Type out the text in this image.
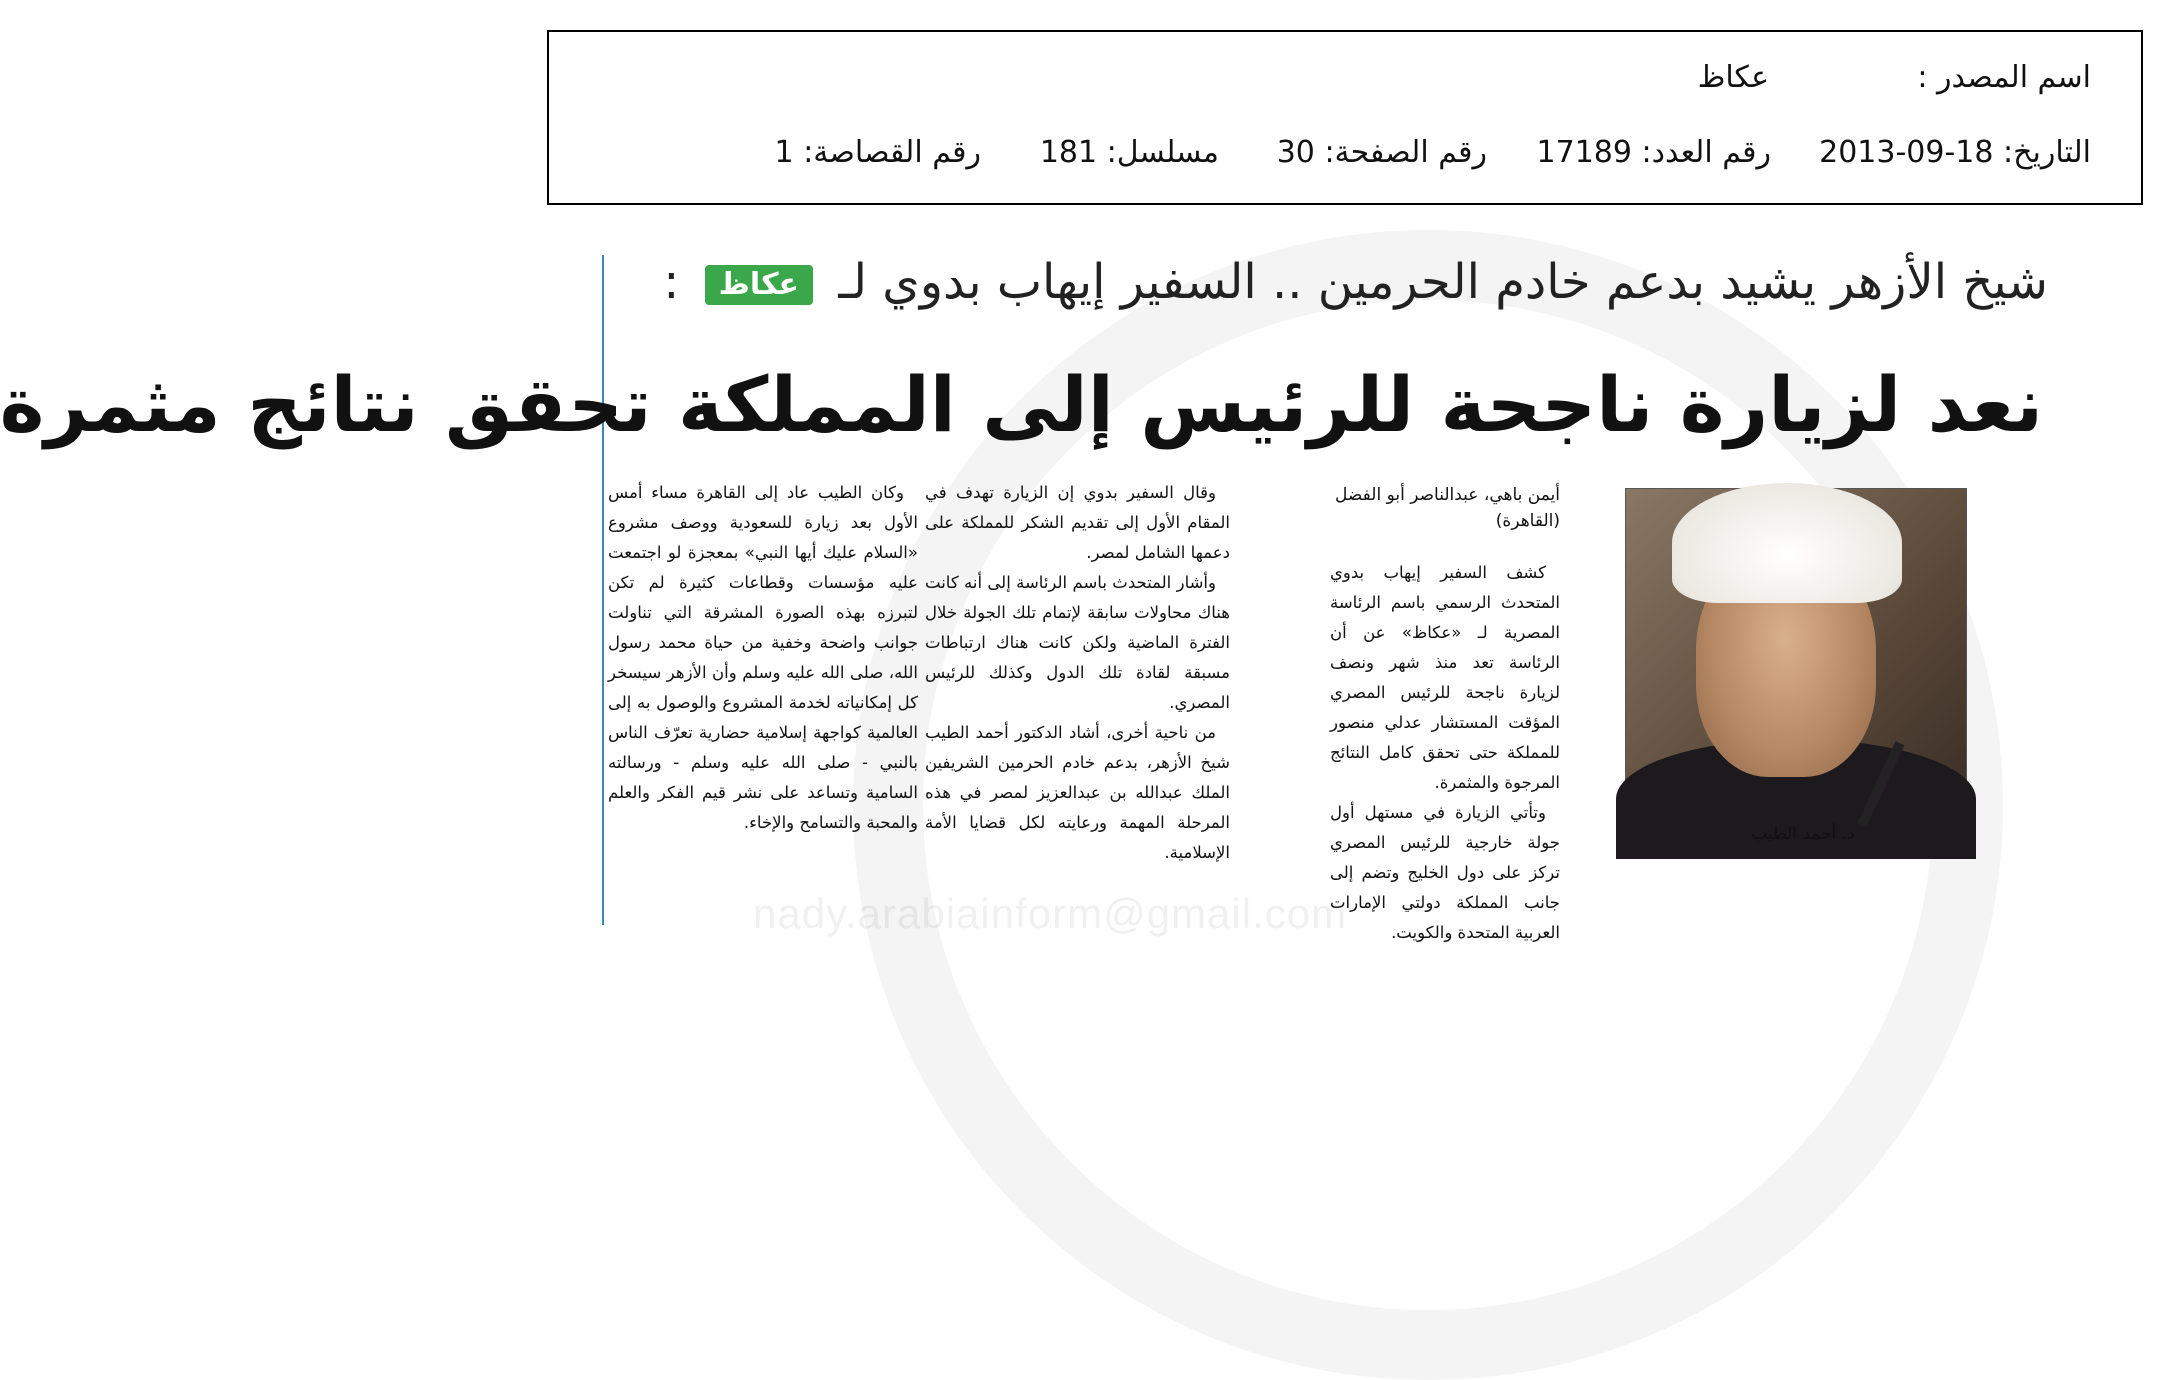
اسم المصدر :
عكاظ
التاريخ: 2013-09-18
رقم العدد: 17189
رقم الصفحة: 30
مسلسل: 181
رقم القصاصة: 1
nady.arabiainform@gmail.com
شيخ الأزهر يشيد بدعم خادم الحرمين .. السفير إيهاب بدوي لـ عكاظ :
نعد لزيارة ناجحة للرئيس إلى المملكة تحقق نتائج مثمرة
د. أحمد الطيب
أيمن باهي، عبدالناصر أبو الفضل
(القاهرة)

كشف السفير إيهاب بدوي المتحدث الرسمي باسم الرئاسة المصرية لـ «عكاظ» عن أن الرئاسة تعد منذ شهر ونصف لزيارة ناجحة للرئيس المصري المؤقت المستشار عدلي منصور للمملكة حتى تحقق كامل النتائج المرجوة والمثمرة.

وتأتي الزيارة في مستهل أول جولة خارجية للرئيس المصري تركز على دول الخليج وتضم إلى جانب المملكة دولتي الإمارات العربية المتحدة والكويت.

وقال السفير بدوي إن الزيارة تهدف في المقام الأول إلى تقديم الشكر للمملكة على دعمها الشامل لمصر.

وأشار المتحدث باسم الرئاسة إلى أنه كانت هناك محاولات سابقة لإتمام تلك الجولة خلال الفترة الماضية ولكن كانت هناك ارتباطات مسبقة لقادة تلك الدول وكذلك للرئيس المصري.

من ناحية أخرى، أشاد الدكتور أحمد الطيب شيخ الأزهر، بدعم خادم الحرمين الشريفين الملك عبدالله بن عبدالعزيز لمصر في هذه المرحلة المهمة ورعايته لكل قضايا الأمة الإسلامية.

وكان الطيب عاد إلى القاهرة مساء أمس الأول بعد زيارة للسعودية ووصف مشروع «السلام عليك أيها النبي» بمعجزة لو اجتمعت عليه مؤسسات وقطاعات كثيرة لم تكن لتبرزه بهذه الصورة المشرقة التي تناولت جوانب واضحة وخفية من حياة محمد رسول الله، صلى الله عليه وسلم وأن الأزهر سيسخر كل إمكانياته لخدمة المشروع والوصول به إلى العالمية كواجهة إسلامية حضارية تعرّف الناس بالنبي - صلى الله عليه وسلم - ورسالته السامية وتساعد على نشر قيم الفكر والعلم والمحبة والتسامح والإخاء.
